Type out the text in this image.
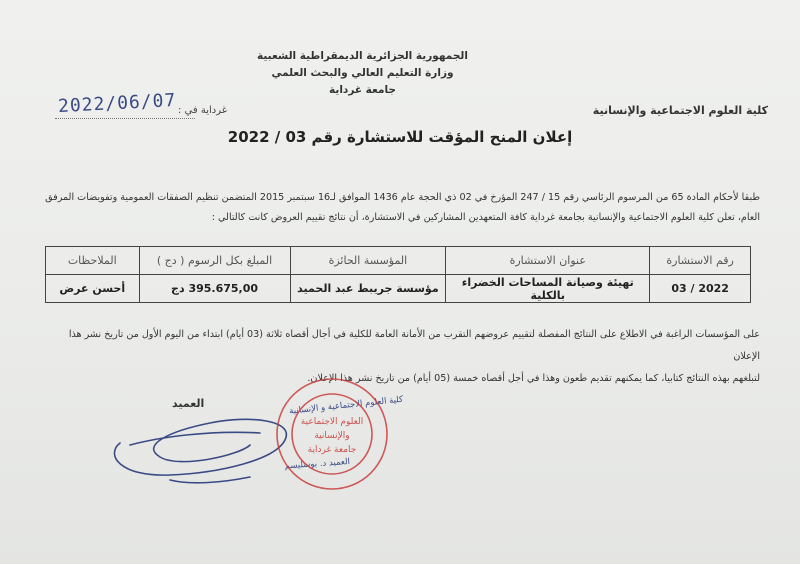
الجمهورية الجزائرية الديمقراطية الشعبية
وزارة التعليم العالي والبحث العلمي
جامعة غرداية
كلية العلوم الاجتماعية والإنسانية
2022/06/07 غرداية في :
إعلان المنح المؤقت للاستشارة رقم 03 / 2022
طبقا لأحكام المادة 65 من المرسوم الرئاسي رقم 15 / 247 المؤرخ في 02 ذي الحجة عام 1436 الموافق لـ16 سبتمبر 2015 المتضمن تنظيم الصفقات العمومية وتفويضات المرفق
العام، تعلن كلية العلوم الاجتماعية والإنسانية بجامعة غرداية كافة المتعهدين المشاركين في الاستشارة، أن نتائج تقييم العروض كانت كالتالي :
رقم الاستشارة	عنوان الاستشارة	المؤسسة الحائزة	المبلغ بكل الرسوم ( دج )	الملاحظات
2022 / 03	تهيئة وصيانة المساحات الخضراء بالكلية	مؤسسة جريبط عبد الحميد	395.675,00 دج	أحسن عرض
على المؤسسات الراغبة في الاطلاع على النتائج المفصلة لتقييم عروضهم التقرب من الأمانة العامة للكلية في أجال أقصاه ثلاثة (03 أيام) ابتداء من اليوم الأول من تاريخ نشر هذا الإعلان
لتبلغهم بهذه النتائج كتابيا، كما يمكنهم تقديم طعون وهذا في أجل أقصاه خمسة (05 أيام) من تاريخ نشر هذا الإعلان.
العميد	كلية العلوم الاجتماعية و الإنسانية
العميد د. بوسليسم
العلوم الاجتماعية
والإنسانية
جامعة غرداية
